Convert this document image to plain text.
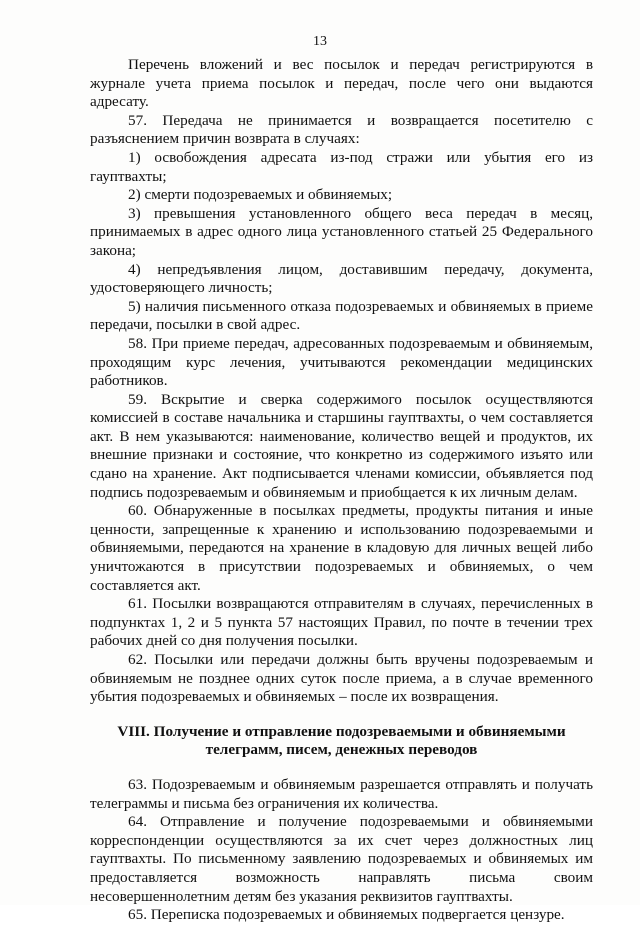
13

Перечень вложений и вес посылок и передач регистрируются в журнале учета приема посылок и передач, после чего они выдаются адресату.

57. Передача не принимается и возвращается посетителю с разъяснением причин возврата в случаях:

1) освобождения адресата из-под стражи или убытия его из гауптвахты;

2) смерти подозреваемых и обвиняемых;

3) превышения установленного общего веса передач в месяц, принимаемых в адрес одного лица установленного статьей 25 Федерального закона;

4) непредъявления лицом, доставившим передачу, документа, удостоверяющего личность;

5) наличия письменного отказа подозреваемых и обвиняемых в приеме передачи, посылки в свой адрес.

58. При приеме передач, адресованных подозреваемым и обвиняемым, проходящим курс лечения, учитываются рекомендации медицинских работников.

59. Вскрытие и сверка содержимого посылок осуществляются комиссией в составе начальника и старшины гауптвахты, о чем составляется акт. В нем указываются: наименование, количество вещей и продуктов, их внешние признаки и состояние, что конкретно из содержимого изъято или сдано на хранение. Акт подписывается членами комиссии, объявляется под подпись подозреваемым и обвиняемым и приобщается к их личным делам.

60. Обнаруженные в посылках предметы, продукты питания и иные ценности, запрещенные к хранению и использованию подозреваемыми и обвиняемыми, передаются на хранение в кладовую для личных вещей либо уничтожаются в присутствии подозреваемых и обвиняемых, о чем составляется акт.

61. Посылки возвращаются отправителям в случаях, перечисленных в подпунктах 1, 2 и 5 пункта 57 настоящих Правил, по почте в течении трех рабочих дней со дня получения посылки.

62. Посылки или передачи должны быть вручены подозреваемым и обвиняемым не позднее одних суток после приема, а в случае временного убытия подозреваемых и обвиняемых – после их возвращения.

VIII. Получение и отправление подозреваемыми и обвиняемыми
телеграмм, писем, денежных переводов

63. Подозреваемым и обвиняемым разрешается отправлять и получать телеграммы и письма без ограничения их количества.

64. Отправление и получение подозреваемыми и обвиняемыми корреспонденции осуществляются за их счет через должностных лиц гауптвахты. По письменному заявлению подозреваемых и обвиняемых им предоставляется возможность направлять письма своим несовершеннолетним детям без указания реквизитов гауптвахты.

65. Переписка подозреваемых и обвиняемых подвергается цензуре.
